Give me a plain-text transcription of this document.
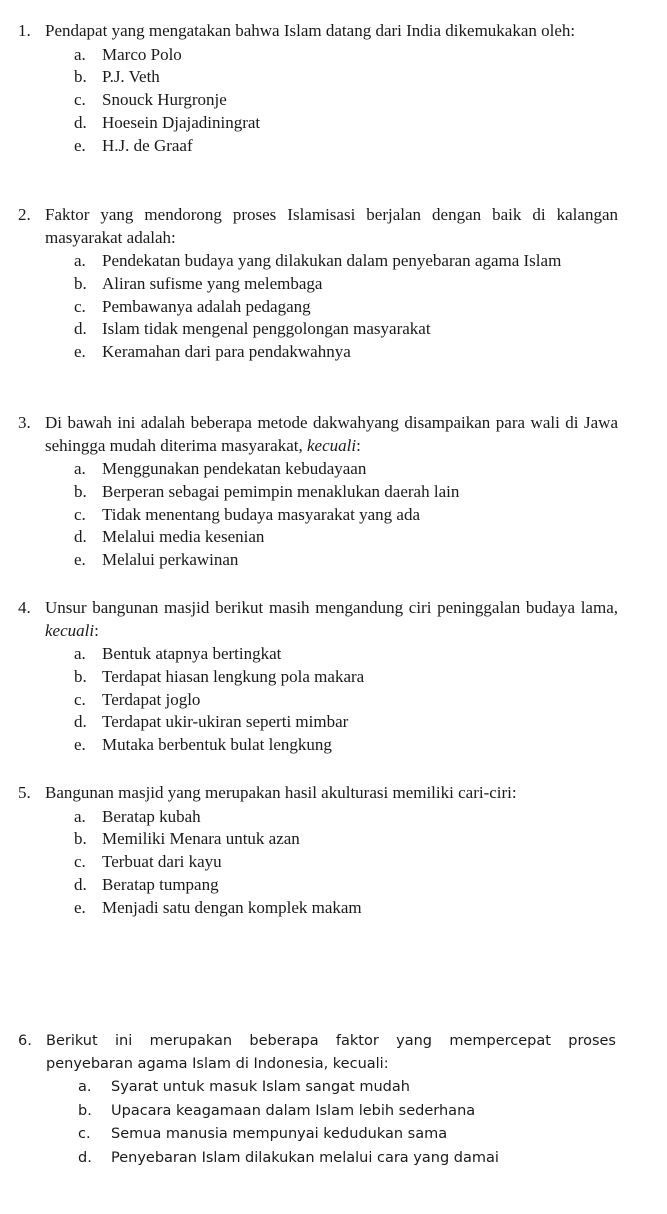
1. Pendapat yang mengatakan bahwa Islam datang dari India dikemukakan oleh:
a. Marco Polo
b. P.J. Veth
c. Snouck Hurgronje
d. Hoesein Djajadiningrat
e. H.J. de Graaf
2. Faktor yang mendorong proses Islamisasi berjalan dengan baik di kalangan masyarakat adalah:
a. Pendekatan budaya yang dilakukan dalam penyebaran agama Islam
b. Aliran sufisme yang melembaga
c. Pembawanya adalah pedagang
d. Islam tidak mengenal penggolongan masyarakat
e. Keramahan dari para pendakwahnya
3. Di bawah ini adalah beberapa metode dakwahyang disampaikan para wali di Jawa sehingga mudah diterima masyarakat, kecuali:
a. Menggunakan pendekatan kebudayaan
b. Berperan sebagai pemimpin menaklukan daerah lain
c. Tidak menentang budaya masyarakat yang ada
d. Melalui media kesenian
e. Melalui perkawinan
4. Unsur bangunan masjid berikut masih mengandung ciri peninggalan budaya lama, kecuali:
a. Bentuk atapnya bertingkat
b. Terdapat hiasan lengkung pola makara
c. Terdapat joglo
d. Terdapat ukir-ukiran seperti mimbar
e. Mutaka berbentuk bulat lengkung
5. Bangunan masjid yang merupakan hasil akulturasi memiliki cari-ciri:
a. Beratap kubah
b. Memiliki Menara untuk azan
c. Terbuat dari kayu
d. Beratap tumpang
e. Menjadi satu dengan komplek makam
6. Berikut ini merupakan beberapa faktor yang mempercepat proses penyebaran agama Islam di Indonesia, kecuali:
a.	Syarat untuk masuk Islam sangat mudah
b.	Upacara keagamaan dalam Islam lebih sederhana
c.	Semua manusia mempunyai kedudukan sama
d.	Penyebaran Islam dilakukan melalui cara yang damai
